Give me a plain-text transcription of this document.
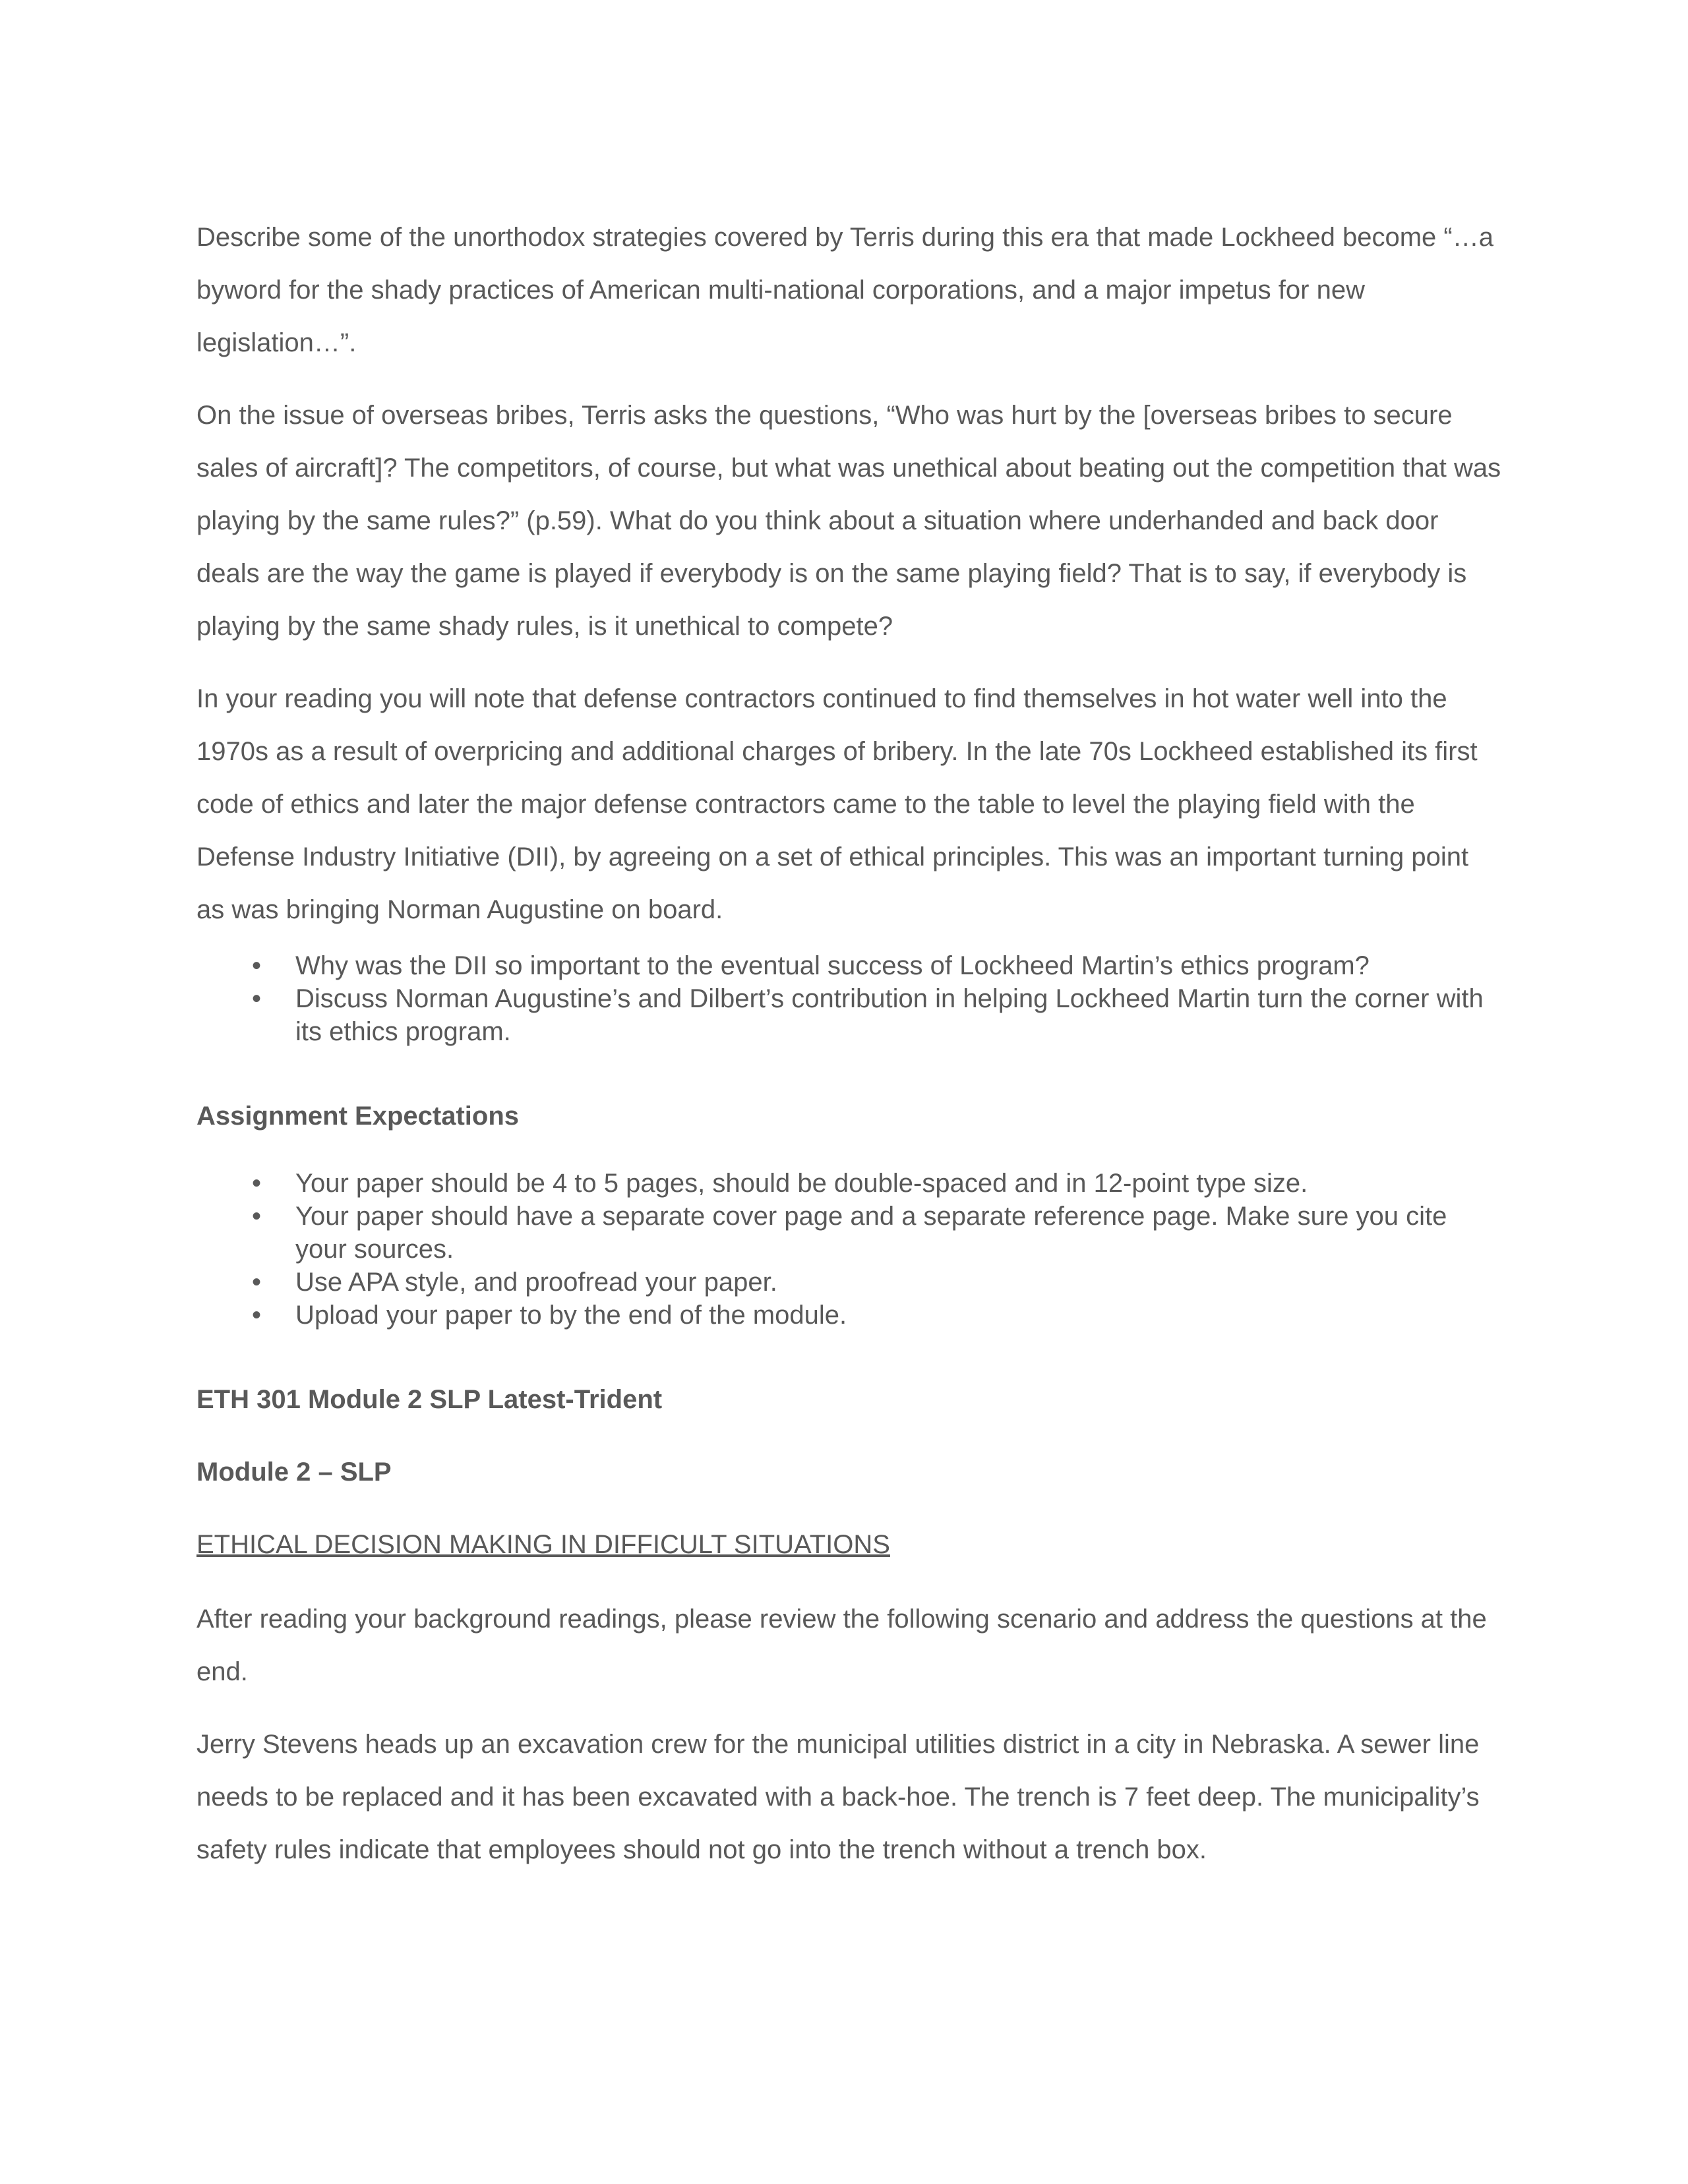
Describe some of the unorthodox strategies covered by Terris during this era that made Lockheed become “…a byword for the shady practices of American multi-national corporations, and a major impetus for new legislation…”.

On the issue of overseas bribes, Terris asks the questions, “Who was hurt by the [overseas bribes to secure sales of aircraft]? The competitors, of course, but what was unethical about beating out the competition that was playing by the same rules?” (p.59). What do you think about a situation where underhanded and back door deals are the way the game is played if everybody is on the same playing field? That is to say, if everybody is playing by the same shady rules, is it unethical to compete?

In your reading you will note that defense contractors continued to find themselves in hot water well into the 1970s as a result of overpricing and additional charges of bribery. In the late 70s Lockheed established its first code of ethics and later the major defense contractors came to the table to level the playing field with the Defense Industry Initiative (DII), by agreeing on a set of ethical principles. This was an important turning point as was bringing Norman Augustine on board.

• Why was the DII so important to the eventual success of Lockheed Martin’s ethics program?
• Discuss Norman Augustine’s and Dilbert’s contribution in helping Lockheed Martin turn the corner with its ethics program.

Assignment Expectations

• Your paper should be 4 to 5 pages, should be double-spaced and in 12-point type size.
• Your paper should have a separate cover page and a separate reference page. Make sure you cite your sources.
• Use APA style, and proofread your paper.
• Upload your paper to by the end of the module.

ETH 301 Module 2 SLP Latest-Trident

Module 2 – SLP

ETHICAL DECISION MAKING IN DIFFICULT SITUATIONS

After reading your background readings, please review the following scenario and address the questions at the end.

Jerry Stevens heads up an excavation crew for the municipal utilities district in a city in Nebraska. A sewer line needs to be replaced and it has been excavated with a back-hoe. The trench is 7 feet deep. The municipality’s safety rules indicate that employees should not go into the trench without a trench box.
